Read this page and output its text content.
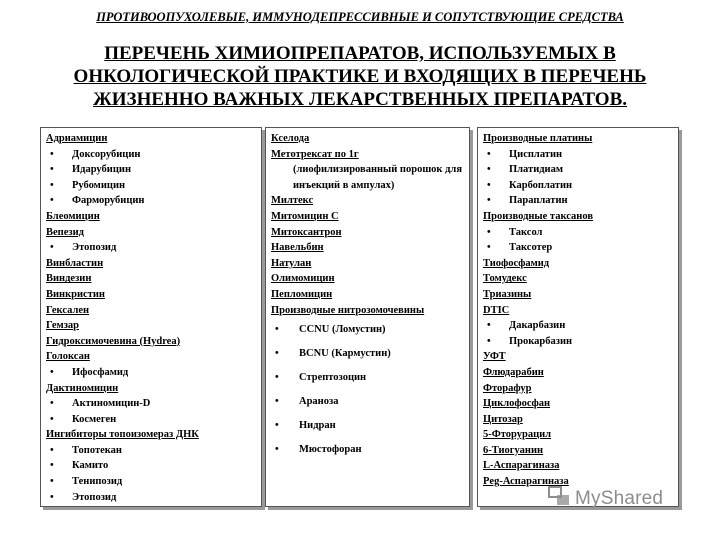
ПРОТИВООПУХОЛЕВЫЕ, ИММУНОДЕПРЕССИВНЫЕ И СОПУТСТВУЮЩИЕ СРЕДСТВА
ПЕРЕЧЕНЬ ХИМИОПРЕПАРАТОВ, ИСПОЛЬЗУЕМЫХ В
ОНКОЛОГИЧЕСКОЙ ПРАКТИКЕ И ВХОДЯЩИХ В ПЕРЕЧЕНЬ
ЖИЗНЕННО ВАЖНЫХ ЛЕКАРСТВЕННЫХ ПРЕПАРАТОВ.
Адриамицин
• Доксорубицин
• Идарубицин
• Рубомицин
• Фарморубицин
Блеомицин
Вепезид
• Этопозид
Винбластин
Виндезин
Винкристин
Гексален
Гемзар
Гидроксимочевина (Hydrea)
Голоксан
• Ифосфамид
Дактиномицин
• Актиномицин-D
• Космеген
Ингибиторы топоизомераз ДНК
• Топотекан
• Камито
• Тенипозид
• Этопозид
Кселода
Метотрексат по 1г
(лиофилизированный порошок для инъекций в ампулах)
Милтекс
Митомицин С
Митоксантрон
Навельбин
Натулан
Олимомицин
Пепломицин
Производные нитрозомочевины
• CCNU (Ломустин)
• BCNU (Кармустин)
• Стрептозоцин
• Араноза
• Нидран
• Мюстофоран
Производные платины
• Цисплатин
• Платидиам
• Карбоплатин
• Параплатин
Производные таксанов
• Таксол
• Таксотер
Тиофосфамид
Томудекс
Триазины
DTIC
• Дакарбазин
• Прокарбазин
УФТ
Флюдарабин
Фторафур
Циклофосфан
Цитозар
5-Фторурацил
6-Тиогуанин
L-Аспарагиназа
Peg-Аспарагиназа
MyShared
